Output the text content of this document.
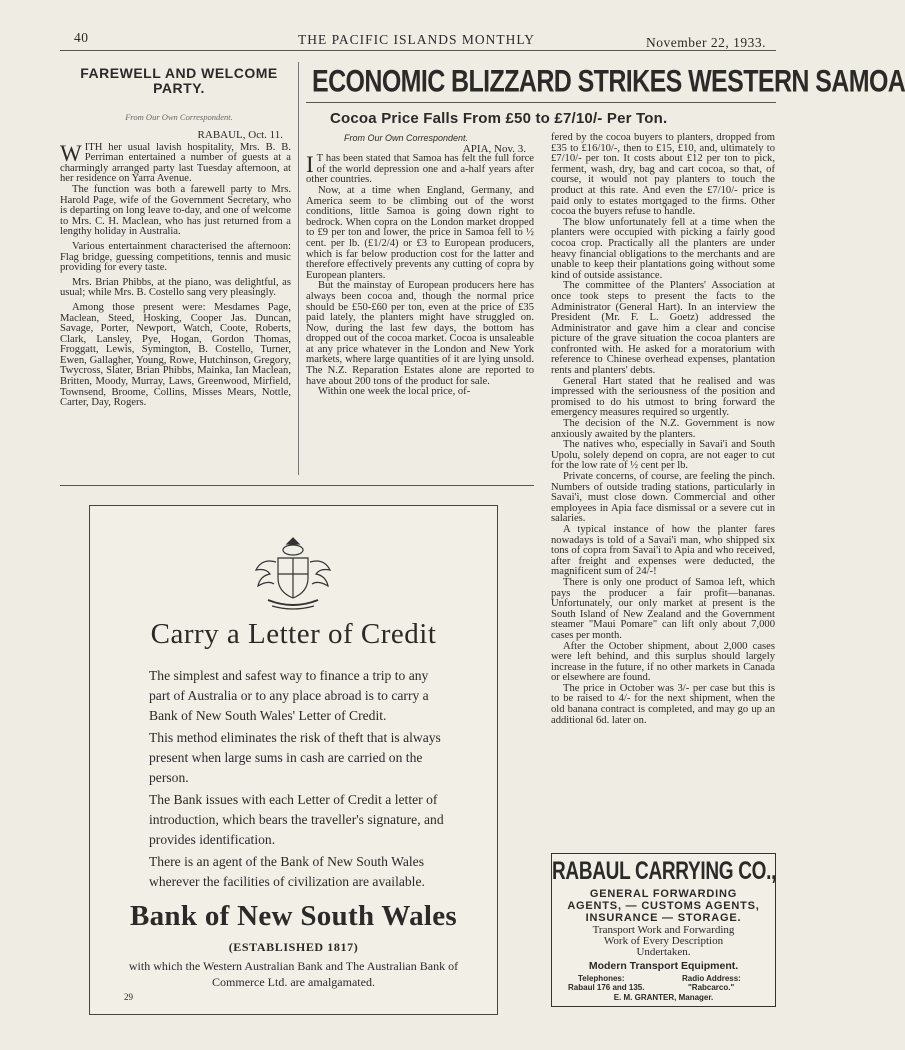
40	THE PACIFIC ISLANDS MONTHLY	November 22, 1933.
FAREWELL AND WELCOME PARTY.
From Our Own Correspondent.

RABAUL, Oct. 11.

WITH her usual lavish hospitality, Mrs. B. B. Perriman entertained a number of guests at a charmingly arranged party last Tuesday afternoon, at her residence on Yarra Avenue.

The function was both a farewell party to Mrs. Harold Page, wife of the Government Secretary, who is departing on long leave to-day, and one of welcome to Mrs. C. H. Maclean, who has just returned from a lengthy holiday in Australia.

Various entertainment characterised the afternoon: Flag bridge, guessing competitions, tennis and music providing for every taste.

Mrs. Brian Phibbs, at the piano, was delightful, as usual; while Mrs. B. Costello sang very pleasingly.

Among those present were: Mesdames Page, Maclean, Steed, Hosking, Cooper Jas. Duncan, Savage, Porter, Newport, Watch, Coote, Roberts, Clark, Lansley, Pye, Hogan, Gordon Thomas, Froggatt, Lewis, Symington, B. Costello, Turner, Ewen, Gallagher, Young, Rowe, Hutchinson, Gregory, Twycross, Slater, Brian Phibbs, Mainka, Ian Maclean, Britten, Moody, Murray, Laws, Greenwood, Mirfield, Townsend, Broome, Collins, Misses Mears, Nottle, Carter, Day, Rogers.

ECONOMIC BLIZZARD STRIKES WESTERN SAMOA
Cocoa Price Falls From £50 to £7/10/- Per Ton.

From Our Own Correspondent.

APIA, Nov. 3.

I T has been stated that Samoa has felt the full force of the world depression one and a-half years after other countries.

Now, at a time when England, Germany, and America seem to be climbing out of the worst conditions, little Samoa is going down right to bedrock. When copra on the London market dropped to £9 per ton and lower, the price in Samoa fell to ½ cent. per lb. (£1/2/4) or £3 to European producers, which is far below production cost for the latter and therefore effectively prevents any cutting of copra by European planters.

But the mainstay of European producers here has always been cocoa and, though the normal price should be £50-£60 per ton, even at the price of £35 paid lately, the planters might have struggled on. Now, during the last few days, the bottom has dropped out of the cocoa market. Cocoa is unsaleable at any price whatever in the London and New York markets, where large quantities of it are lying unsold. The N.Z. Reparation Estates alone are reported to have about 200 tons of the product for sale.

Within one week the local price, of-

fered by the cocoa buyers to planters, dropped from £35 to £16/10/-, then to £15, £10, and, ultimately to £7/10/- per ton. It costs about £12 per ton to pick, ferment, wash, dry, bag and cart cocoa, so that, of course, it would not pay planters to touch the product at this rate. And even the £7/10/- price is paid only to estates mortgaged to the firms. Other cocoa the buyers refuse to handle.

The blow unfortunately fell at a time when the planters were occupied with picking a fairly good cocoa crop. Practically all the planters are under heavy financial obligations to the merchants and are unable to keep their plantations going without some kind of outside assistance.

The committee of the Planters' Association at once took steps to present the facts to the Administrator (General Hart). In an interview the President (Mr. F. L. Goetz) addressed the Administrator and gave him a clear and concise picture of the grave situation the cocoa planters are confronted with. He asked for a moratorium with reference to Chinese overhead expenses, plantation rents and planters' debts.

General Hart stated that he realised and was impressed with the seriousness of the position and promised to do his utmost to bring forward the emergency measures required so urgently.

The decision of the N.Z. Government is now anxiously awaited by the planters.

The natives who, especially in Savai'i and South Upolu, solely depend on copra, are not eager to cut for the low rate of ½ cent per lb.

Private concerns, of course, are feeling the pinch. Numbers of outside trading stations, particularly in Savai'i, must close down. Commercial and other employees in Apia face dismissal or a severe cut in salaries.

A typical instance of how the planter fares nowadays is told of a Savai'i man, who shipped six tons of copra from Savai'i to Apia and who received, after freight and expenses were deducted, the magnificent sum of 24/-!

There is only one product of Samoa left, which pays the producer a fair profit—bananas. Unfortunately, our only market at present is the South Island of New Zealand and the Government steamer "Maui Pomare" can lift only about 7,000 cases per month.

After the October shipment, about 2,000 cases were left behind, and this surplus should largely increase in the future, if no other markets in Canada or elsewhere are found.

The price in October was 3/- per case but this is to be raised to 4/- for the next shipment, when the old banana contract is completed, and may go up an additional 6d. later on.

Carry a Letter of Credit
The simplest and safest way to finance a trip to any part of Australia or to any place abroad is to carry a Bank of New South Wales' Letter of Credit.
This method eliminates the risk of theft that is always present when large sums in cash are carried on the person.
The Bank issues with each Letter of Credit a letter of introduction, which bears the traveller's signature, and provides identification.
There is an agent of the Bank of New South Wales wherever the facilities of civilization are available.
Bank of New South Wales
(ESTABLISHED 1817)
with which the Western Australian Bank and The Australian Bank of Commerce Ltd. are amalgamated.
29
RABAUL CARRYING CO.,
GENERAL FORWARDING
AGENTS, — CUSTOMS AGENTS,
INSURANCE — STORAGE.
Transport Work and Forwarding
Work of Every Description
Undertaken.
Modern Transport Equipment.
Telephones:
Rabaul 176 and 135.
Radio Address:
"Rabcarco."
E. M. GRANTER, Manager.
